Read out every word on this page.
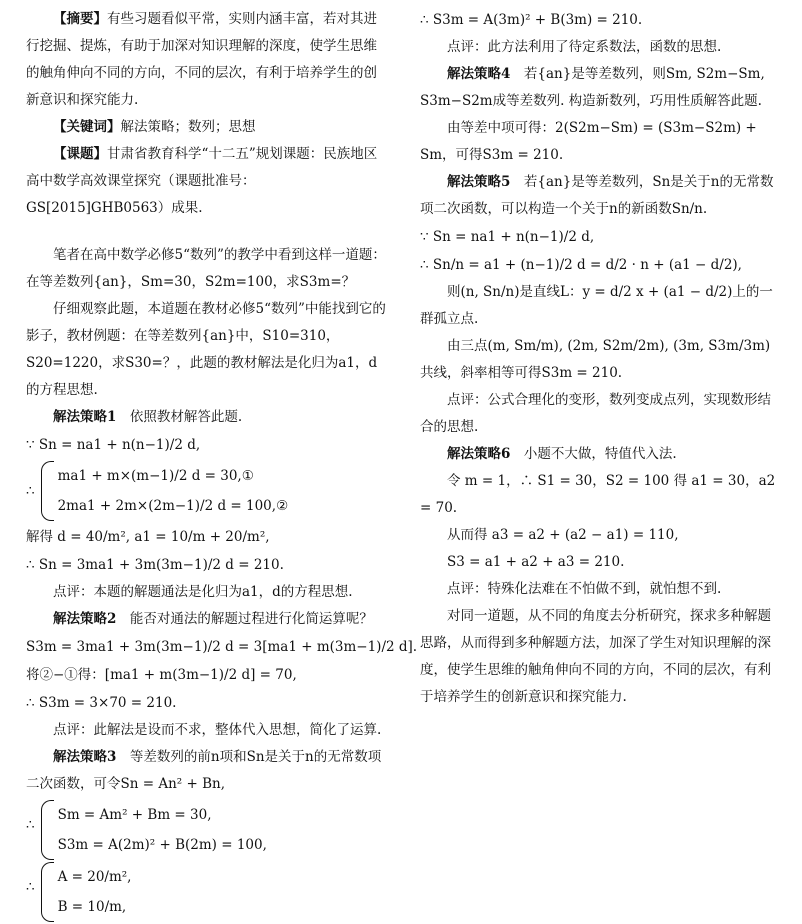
【摘要】有些习题看似平常，实则内涵丰富，若对其进行挖掘、提炼，有助于加深对知识理解的深度，使学生思维的触角伸向不同的方向，不同的层次，有利于培养学生的创新意识和探究能力.

【关键词】解法策略；数列；思想

【课题】甘肃省教育科学“十二五”规划课题：民族地区高中数学高效课堂探究（课题批准号：GS[2015]GHB0563）成果.

笔者在高中数学必修5“数列”的教学中看到这样一道题：在等差数列{an}，Sm=30，S2m=100，求S3m=？

仔细观察此题，本道题在教材必修5“数列”中能找到它的影子，教材例题：在等差数列{an}中，S10=310，S20=1220，求S30=？，此题的教材解法是化归为a1，d的方程思想.

解法策略1　 依照教材解答此题.

∵ Sn = na1 + n(n−1)/2 d,
∴
ma1 + m×(m−1)/2 d = 30,①
2ma1 + 2m×(2m−1)/2 d = 100,②
解得 d = 40/m², a1 = 10/m + 20/m²,
∴ Sn = 3ma1 + 3m(3m−1)/2 d = 210.

点评：本题的解题通法是化归为a1，d的方程思想.

解法策略2　 能否对通法的解题过程进行化简运算呢？

S3m = 3ma1 + 3m(3m−1)/2 d = 3[ma1 + m(3m−1)/2 d].
将②−①得：[ma1 + m(3m−1)/2 d] = 70,
∴ S3m = 3×70 = 210.

点评：此解法是设而不求，整体代入思想，简化了运算.

解法策略3　 等差数列的前n项和Sn是关于n的无常数项二次函数，可令Sn = An² + Bn,

∴
Sm = Am² + Bm = 30,
S3m = A(2m)² + B(2m) = 100,
∴
A = 20/m²,
B = 10/m,
∴ S3m = A(3m)² + B(3m) = 210.

点评：此方法利用了待定系数法，函数的思想.

解法策略4　 若{an}是等差数列，则Sm, S2m−Sm, S3m−S2m成等差数列. 构造新数列，巧用性质解答此题.

由等差中项可得：2(S2m−Sm) = (S3m−S2m) + Sm，可得S3m = 210.

解法策略5　 若{an}是等差数列，Sn是关于n的无常数项二次函数，可以构造一个关于n的新函数Sn/n.

∵ Sn = na1 + n(n−1)/2 d,
∴ Sn/n = a1 + (n−1)/2 d = d/2 · n + (a1 − d/2),

则(n, Sn/n)是直线L：y = d/2 x + (a1 − d/2)上的一群孤立点.

由三点(m, Sm/m), (2m, S2m/2m), (3m, S3m/3m)共线，斜率相等可得S3m = 210.

点评：公式合理化的变形，数列变成点列，实现数形结合的思想.

解法策略6　 小题不大做，特值代入法.

令 m = 1，∴ S1 = 30，S2 = 100 得 a1 = 30，a2 = 70.

从而得 a3 = a2 + (a2 − a1) = 110,

S3 = a1 + a2 + a3 = 210.

点评：特殊化法难在不怕做不到，就怕想不到.

对同一道题，从不同的角度去分析研究，探求多种解题思路，从而得到多种解题方法，加深了学生对知识理解的深度，使学生思维的触角伸向不同的方向，不同的层次，有利于培养学生的创新意识和探究能力.
